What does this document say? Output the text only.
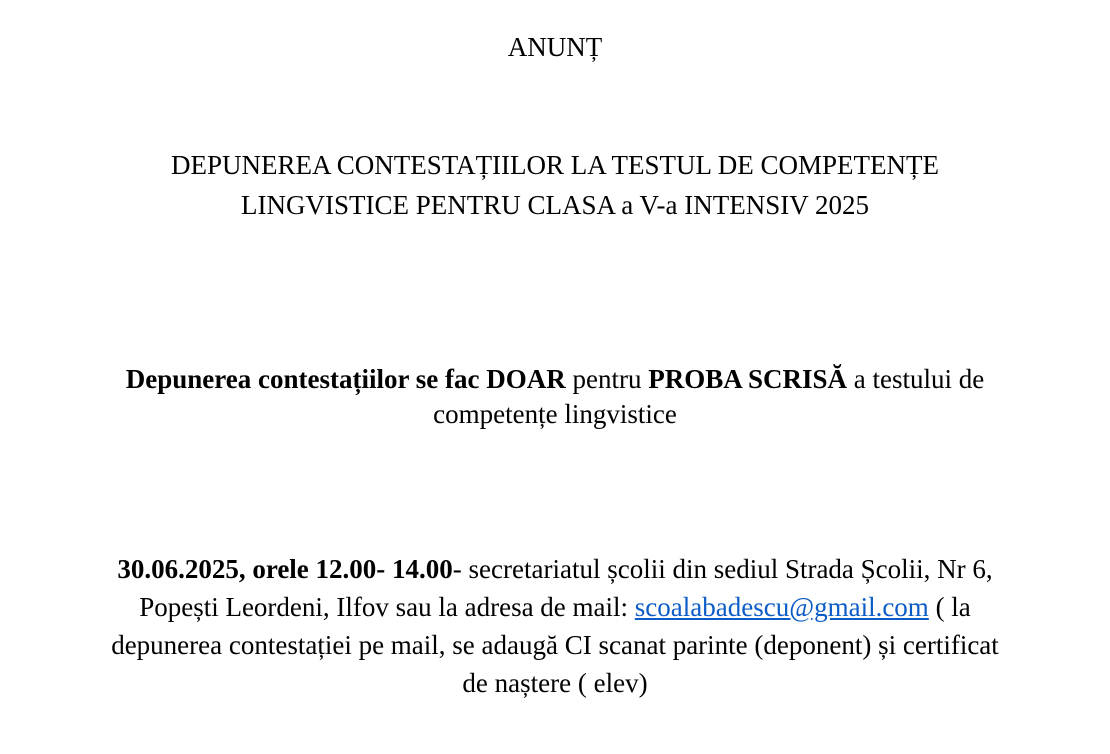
ANUNȚ
DEPUNEREA CONTESTAȚIILOR LA TESTUL DE COMPETENȚE
LINGVISTICE PENTRU CLASA a V-a INTENSIV 2025
Depunerea contestațiilor se fac DOAR pentru PROBA SCRISĂ a testului de
competențe lingvistice
30.06.2025, orele 12.00- 14.00- secretariatul școlii din sediul Strada Școlii, Nr 6,
Popești Leordeni, Ilfov sau la adresa de mail: scoalabadescu@gmail.com ( la
depunerea contestației pe mail, se adaugă CI scanat parinte (deponent) și certificat
de naștere ( elev)
